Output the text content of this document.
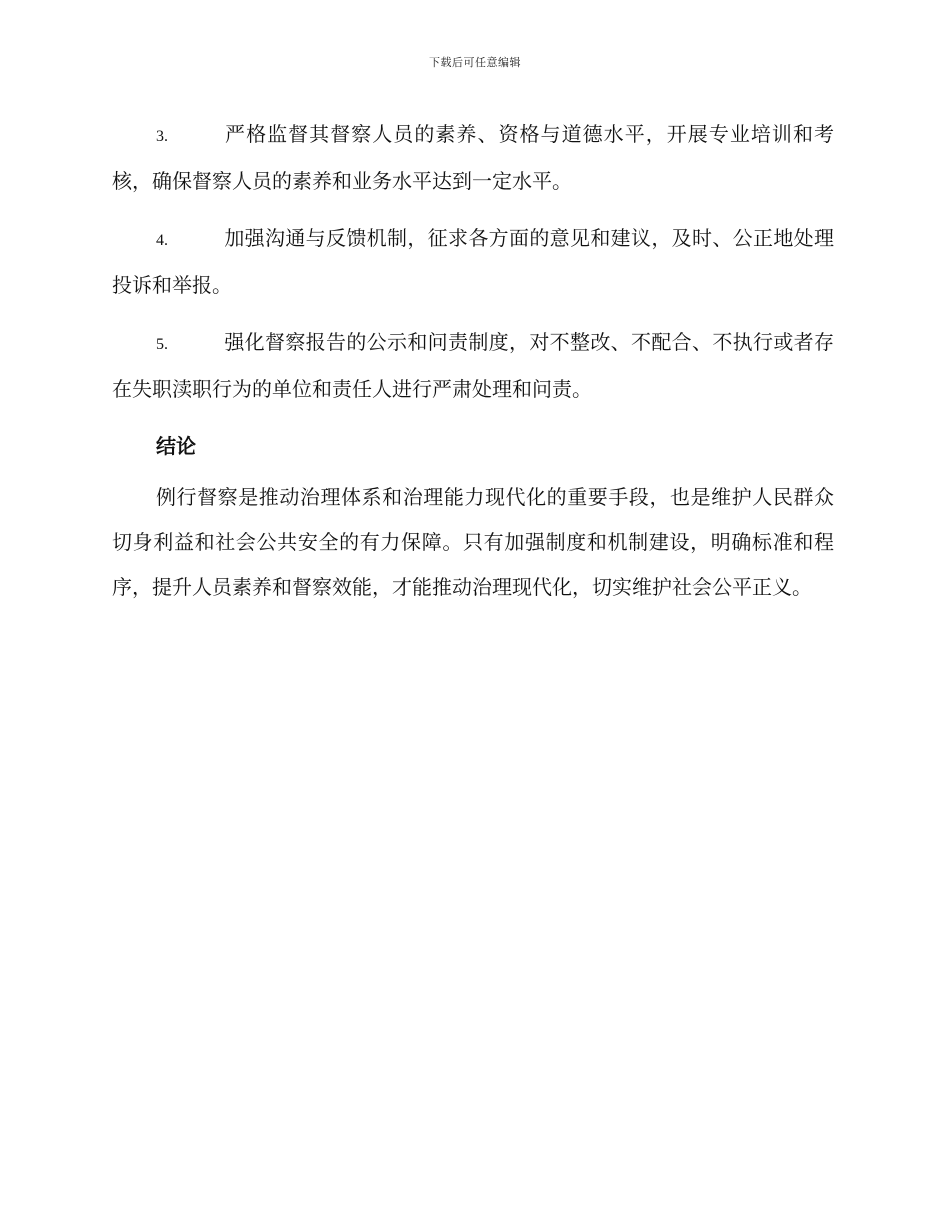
下载后可任意编辑

3.	严格监督其督察人员的素养、资格与道德水平，开展专业培训和考核，确保督察人员的素养和业务水平达到一定水平。

4.	加强沟通与反馈机制，征求各方面的意见和建议，及时、公正地处理投诉和举报。

5.	强化督察报告的公示和问责制度，对不整改、不配合、不执行或者存在失职渎职行为的单位和责任人进行严肃处理和问责。

结论

例行督察是推动治理体系和治理能力现代化的重要手段，也是维护人民群众切身利益和社会公共安全的有力保障。只有加强制度和机制建设，明确标准和程序，提升人员素养和督察效能，才能推动治理现代化，切实维护社会公平正义。
